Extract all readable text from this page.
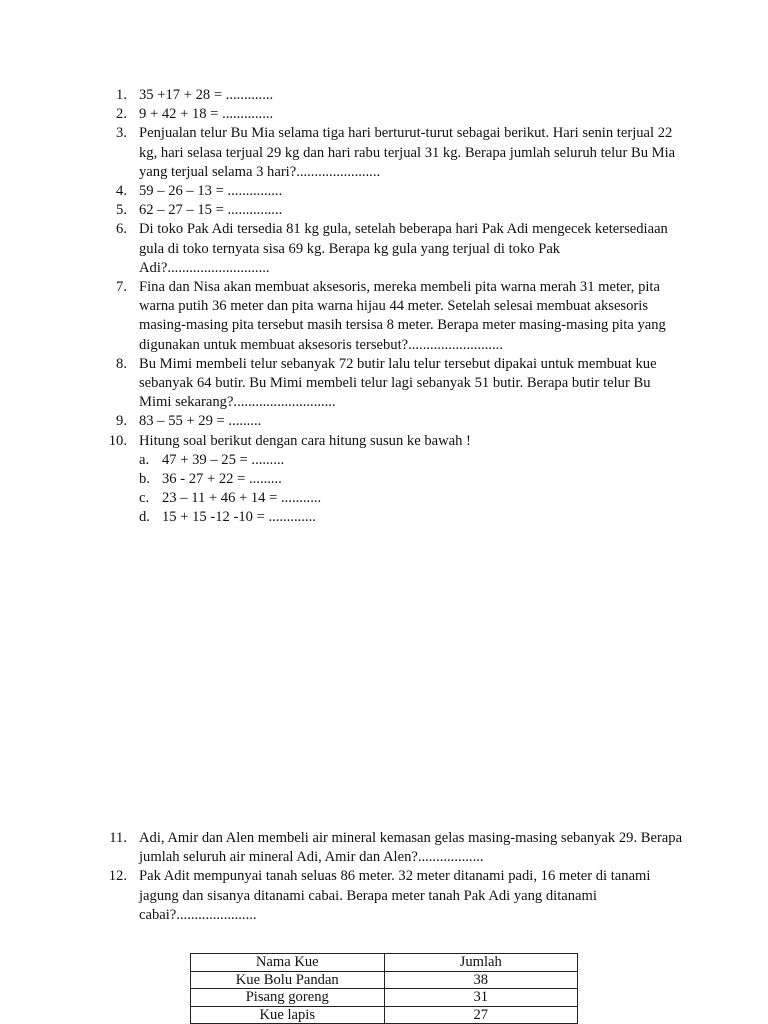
1. 35 +17 + 28 = .............
2. 9 + 42 + 18 = ..............
3. Penjualan telur Bu Mia selama tiga hari berturut-turut sebagai berikut. Hari senin terjual 22 kg, hari selasa terjual 29 kg dan hari rabu terjual 31 kg. Berapa jumlah seluruh telur Bu Mia yang terjual selama 3 hari?.......................
4. 59 – 26 – 13 = ...............
5. 62 – 27 – 15 = ...............
6. Di toko Pak Adi tersedia 81 kg gula, setelah beberapa hari Pak Adi mengecek ketersediaan gula di toko ternyata sisa 69 kg. Berapa kg gula yang terjual di toko Pak Adi?............................
7. Fina dan Nisa akan membuat aksesoris, mereka membeli pita warna merah 31 meter, pita warna putih 36 meter dan pita warna hijau 44 meter. Setelah selesai membuat aksesoris masing-masing pita tersebut masih tersisa 8 meter. Berapa meter masing-masing pita yang digunakan untuk membuat aksesoris tersebut?..........................
8. Bu Mimi membeli telur sebanyak 72 butir lalu telur tersebut dipakai untuk membuat kue sebanyak 64 butir. Bu Mimi membeli telur lagi sebanyak 51 butir. Berapa butir telur Bu Mimi sekarang?............................
9. 83 – 55 + 29 = .........
10. Hitung soal berikut dengan cara hitung susun ke bawah !
a. 47 + 39 – 25 = .........
b. 36 - 27 + 22 = .........
c. 23 – 11 + 46 + 14 = ...........
d. 15 + 15 -12 -10 = .............
11. Adi, Amir dan Alen membeli air mineral kemasan gelas masing-masing sebanyak 29. Berapa jumlah seluruh air mineral Adi, Amir dan Alen?..................
12. Pak Adit mempunyai tanah seluas 86 meter. 32 meter ditanami padi, 16 meter di tanami jagung dan sisanya ditanami cabai. Berapa meter tanah Pak Adi yang ditanami cabai?......................
Nama Kue	Jumlah
Kue Bolu Pandan	38
Pisang goreng	31
Kue lapis	27
